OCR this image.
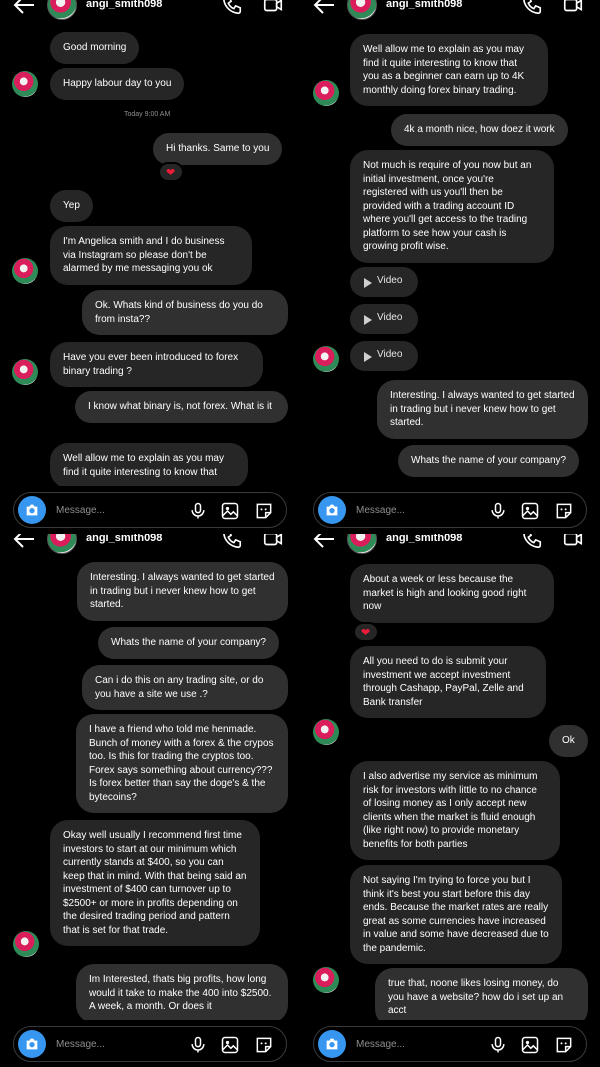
angi_smith098
Good morning
Happy labour day to you
Today 9:00 AM
Hi thanks. Same to you
❤
Yep
I'm Angelica smith and I do business via Instagram so please don't be alarmed by me messaging you ok
Ok. Whats kind of business do you do from insta??
Have you ever been introduced to forex binary trading ?
I know what binary is, not forex. What is it
Well allow me to explain as you may find it quite interesting to know that
Message...
angi_smith098
Well allow me to explain as you may find it quite interesting to know that you as a beginner can earn up to 4K monthly doing forex binary trading.
4k a month nice, how doez it work
Not much is require of you now but an initial investment, once you're registered with us you'll then be provided with a trading account ID where you'll get access to the trading platform to see how your cash is growing profit wise.
Video
Video
Video
Interesting. I always wanted to get started in trading but i never knew how to get started.
Whats the name of your company?
Message...
angi_smith098
Interesting. I always wanted to get started in trading but i never knew how to get started.
Whats the name of your company?
Can i do this on any trading site, or do you have a site we use .?
I have a friend who told me henmade. Bunch of money with a forex & the crypos too. Is this for trading the cryptos too. Forex says something about currency??? Is forex better than say the doge's & the bytecoins?
Okay well usually I recommend first time investors to start at our minimum which currently stands at $400, so you can keep that in mind. With that being said an investment of $400 can turnover up to $2500+ or more in profits depending on the desired trading period and pattern that is set for that trade.
Im Interested, thats big profits, how long would it take to make the 400 into $2500. A week, a month. Or does it
Message...
angi_smith098
About a week or less because the market is high and looking good right now
❤
All you need to do is submit your investment we accept investment through Cashapp, PayPal, Zelle and Bank transfer
Ok
I also advertise my service as minimum risk for investors with little to no chance of losing money as I only accept new clients when the market is fluid enough (like right now) to provide monetary benefits for both parties
Not saying I'm trying to force you but I think it's best you start before this day ends. Because the market rates are really great as some currencies have increased in value and some have decreased due to the pandemic.
true that, noone likes losing money, do you have a website? how do i set up an acct
Message...
